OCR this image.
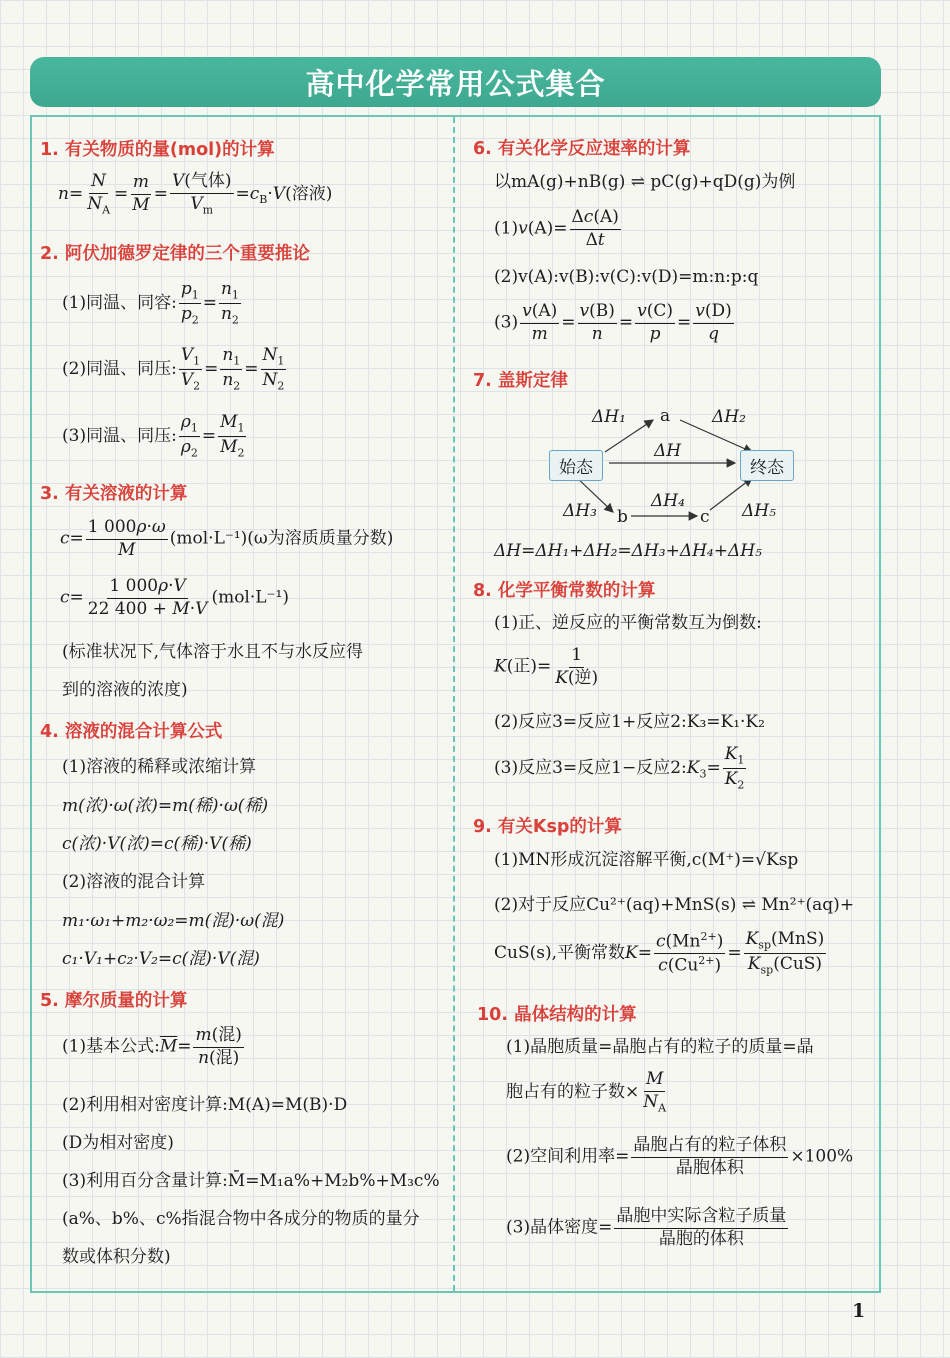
高中化学常用公式集合
1. 有关物质的量(mol)的计算
$n= \frac{N}{N_A} = \frac{m}{M} = \frac{\text{V(气体)}}{V_m} =c_B\cdot V$(溶液)
2. 阿伏加德罗定律的三个重要推论
(1)同温、同容: $\frac{p_1}{p_2} = \frac{n_1}{n_2}$
(2)同温、同压: $\frac{V_1}{V_2} = \frac{n_1}{n_2} = \frac{N_1}{N_2}$
(3)同温、同压: $\frac{\rho_1}{\rho_2} = \frac{M_1}{M_2}$
3. 有关溶液的计算
$c= \frac{1 000\rho\cdot\omega}{M} (mol\cdot L^{-1})(\omega$为溶质质量分数)
$c= \frac{1 000\rho\cdot V}{22 400 + M\cdot V} (mol\cdot L^{-1})$
(标准状况下,气体溶于水且不与水反应得
到的溶液的浓度)
4. 溶液的混合计算公式
(1)溶液的稀释或浓缩计算
m(浓)·ω(浓)=m(稀)·ω(稀)
c(浓)·V(浓)=c(稀)·V(稀)
(2)溶液的混合计算
m₁·ω₁+m₂·ω₂=m(混)·ω(混)
c₁·V₁+c₂·V₂=c(混)·V(混)
5. 摩尔质量的计算
(1)基本公式$:\overline{M}= \frac{\text{m(混)}}{\text{n(混)}}$
(2)利用相对密度计算:M(A)=M(B)·D
(D为相对密度)
(3)利用百分含量计算:M̄=M₁a%+M₂b%+M₃c%
(a%、b%、c%指混合物中各成分的物质的量分
数或体积分数)
6. 有关化学反应速率的计算
以mA(g)+nB(g) ⇌ pC(g)+qD(g)为例
$(1)v(A)= \frac{\Delta c(A)}{\Delta t}$
(2)v(A):v(B):v(C):v(D)=m:n:p:q
$(3) \frac{v(A)}{m} = \frac{v(B)}{n} = \frac{v(C)}{p} = \frac{v(D)}{q}$
7. 盖斯定律
始态	终态
a
b	c
ΔH₁	ΔH₂
ΔH
ΔH₃	ΔH₄	ΔH₅
ΔH=ΔH₁+ΔH₂=ΔH₃+ΔH₄+ΔH₅
8. 化学平衡常数的计算
(1)正、逆反应的平衡常数互为倒数:
K(正)= $\frac{1}{\text{K(逆)}}$
(2)反应3=反应1+反应2:K₃=K₁·K₂
(3)反应3=反应1−反应$2:K_3= \frac{K_1}{K_2}$
9. 有关Ksp的计算
(1)MN形成沉淀溶解平衡,c(M⁺)=√Ksp
(2)对于反应Cu²⁺(aq)+MnS(s) ⇌ Mn²⁺(aq)+
CuS(s),平衡常数$K= \frac{c(Mn^{2+})}{c(Cu^{2+})} = \frac{K_{sp}(MnS)}{K_{sp}(CuS)}$
10. 晶体结构的计算
(1)晶胞质量=晶胞占有的粒子的质量=晶
胞占有的粒子数× $\frac{M}{N_A}$
(2)空间利用率= $\frac{\text{晶胞占有的粒子体积}}{\text{晶胞体积}} \times 100\%$
(3)晶体密度= $\frac{\text{晶胞中实际含粒子质量}}{\text{晶胞的体积}}$
1
